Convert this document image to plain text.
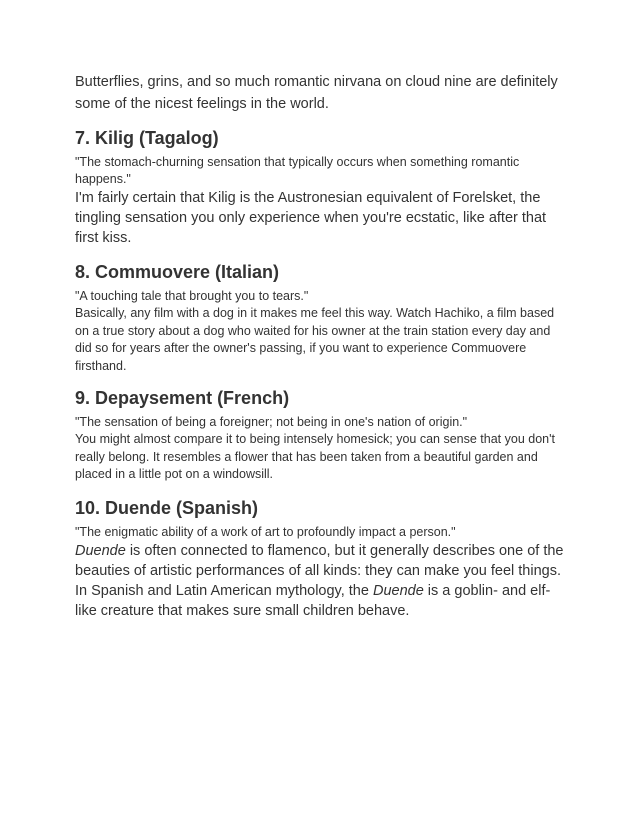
Butterflies, grins, and so much romantic nirvana on cloud nine are definitely some of the nicest feelings in the world.

7. Kilig (Tagalog)

"The stomach-churning sensation that typically occurs when something romantic happens."

I'm fairly certain that Kilig is the Austronesian equivalent of Forelsket, the tingling sensation you only experience when you're ecstatic, like after that first kiss.

8. Commuovere (Italian)

"A touching tale that brought you to tears."

Basically, any film with a dog in it makes me feel this way. Watch Hachiko, a film based on a true story about a dog who waited for his owner at the train station every day and did so for years after the owner's passing, if you want to experience Commuovere firsthand.

9. Depaysement (French)

"The sensation of being a foreigner; not being in one's nation of origin."

You might almost compare it to being intensely homesick; you can sense that you don't really belong. It resembles a flower that has been taken from a beautiful garden and placed in a little pot on a windowsill.

10. Duende (Spanish)

"The enigmatic ability of a work of art to profoundly impact a person."

Duende is often connected to flamenco, but it generally describes one of the beauties of artistic performances of all kinds: they can make you feel things. In Spanish and Latin American mythology, the Duende is a goblin- and elf-like creature that makes sure small children behave.
